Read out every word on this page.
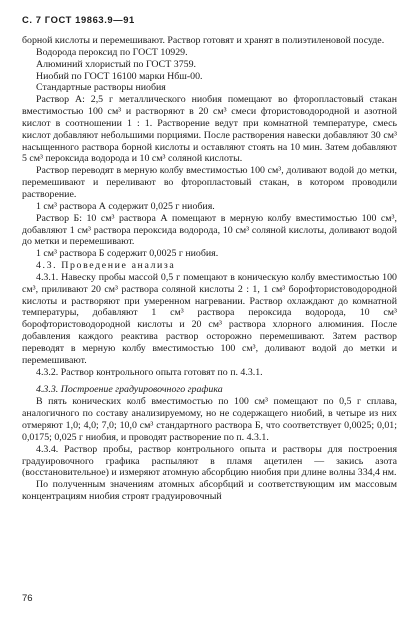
С. 7 ГОСТ 19863.9—91

борной кислоты и перемешивают. Раствор готовят и хранят в полиэтиленовой посуде.

Водорода пероксид по ГОСТ 10929.

Алюминий хлористый по ГОСТ 3759.

Ниобий по ГОСТ 16100 марки Нбш-00.

Стандартные растворы ниобия

Раствор А: 2,5 г металлического ниобия помещают во фторопластовый стакан вместимостью 100 см³ и растворяют в 20 см³ смеси фтористоводородной и азотной кислот в соотношении 1 : 1. Растворение ведут при комнатной температуре, смесь кислот добавляют небольшими порциями. После растворения навески добавляют 30 см³ насыщенного раствора борной кислоты и оставляют стоять на 10 мин. Затем добавляют 5 см³ пероксида водорода и 10 см³ соляной кислоты.

Раствор переводят в мерную колбу вместимостью 100 см³, доливают водой до метки, перемешивают и переливают во фторопластовый стакан, в котором проводили растворение.

1 см³ раствора А содержит 0,025 г ниобия.

Раствор Б: 10 см³ раствора А помещают в мерную колбу вместимостью 100 см³, добавляют 1 см³ раствора пероксида водорода, 10 см³ соляной кислоты, доливают водой до метки и перемешивают.

1 см³ раствора Б содержит 0,0025 г ниобия.

4.3. Проведение анализа

4.3.1. Навеску пробы массой 0,5 г помещают в коническую колбу вместимостью 100 см³, приливают 20 см³ раствора соляной кислоты 2 : 1, 1 см³ борофтористоводородной кислоты и растворяют при умеренном нагревании. Раствор охлаждают до комнатной температуры, добавляют 1 см³ раствора пероксида водорода, 10 см³ борофтористоводородной кислоты и 20 см³ раствора хлорного алюминия. После добавления каждого реактива раствор осторожно перемешивают. Затем раствор переводят в мерную колбу вместимостью 100 см³, доливают водой до метки и перемешивают.

4.3.2. Раствор контрольного опыта готовят по п. 4.3.1.

4.3.3. Построение градуировочного графика

В пять конических колб вместимостью по 100 см³ помещают по 0,5 г сплава, аналогичного по составу анализируемому, но не содержащего ниобий, в четыре из них отмеряют 1,0; 4,0; 7,0; 10,0 см³ стандартного раствора Б, что соответствует 0,0025; 0,01; 0,0175; 0,025 г ниобия, и проводят растворение по п. 4.3.1.

4.3.4. Раствор пробы, раствор контрольного опыта и растворы для построения градуировочного графика распыляют в пламя ацетилен — закись азота (восстановительное) и измеряют атомную абсорбцию ниобия при длине волны 334,4 нм.

По полученным значениям атомных абсорбций и соответствующим им массовым концентрациям ниобия строят градуировочный

76
